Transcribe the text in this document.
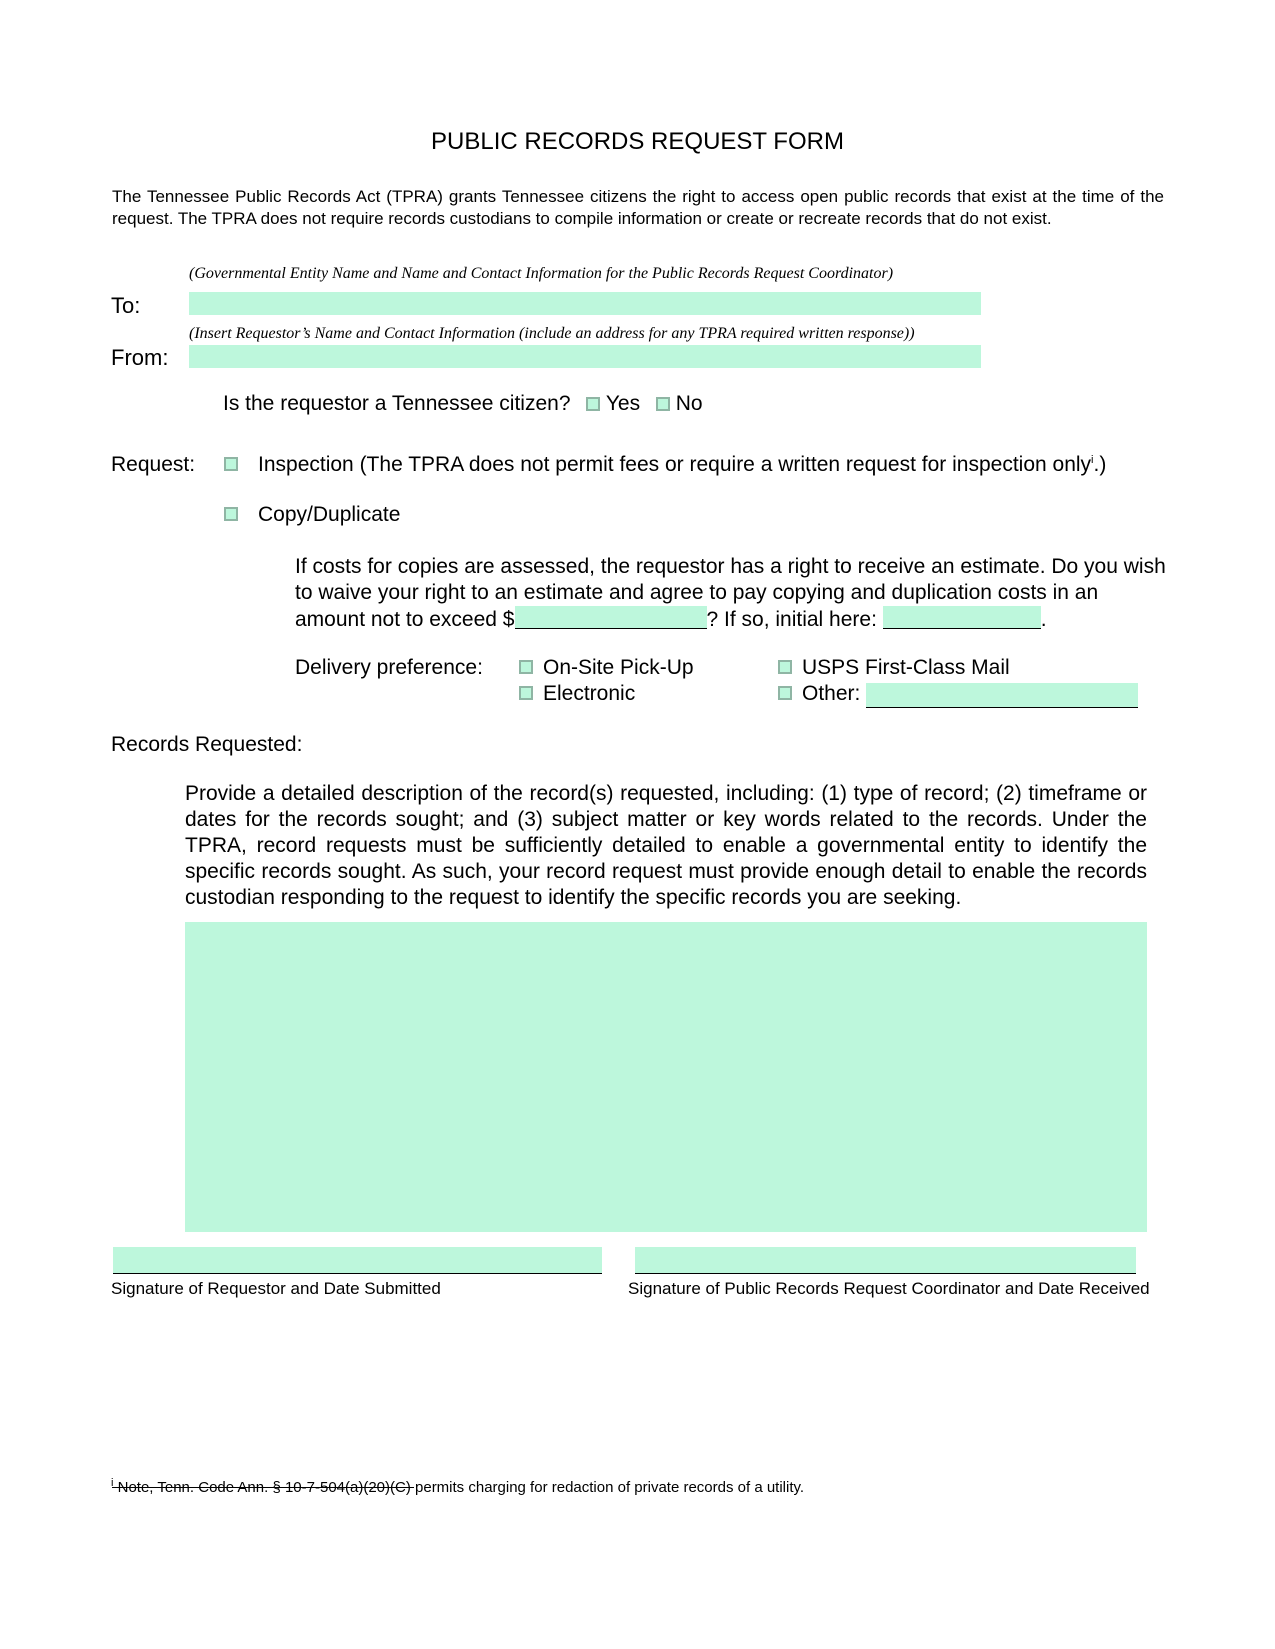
PUBLIC RECORDS REQUEST FORM
The Tennessee Public Records Act (TPRA) grants Tennessee citizens the right to access open public records that exist at the time of the request. The TPRA does not require records custodians to compile information or create or recreate records that do not exist.
(Governmental Entity Name and Name and Contact Information for the Public Records Request Coordinator)
To:
(Insert Requestor’s Name and Contact Information (include an address for any TPRA required written response))
From:
Is the requestor a Tennessee citizen? Yes No
Request:	Inspection (The TPRA does not permit fees or require a written request for inspection only$^i$.)
Copy/Duplicate
If costs for copies are assessed, the requestor has a right to receive an estimate. Do you wish
to waive your right to an estimate and agree to pay copying and duplication costs in an
amount not to exceed $	? If so, initial here:	.
Delivery preference:	On-Site Pick-Up	USPS First-Class Mail
Electronic	Other:
Records Requested:
Provide a detailed description of the record(s) requested, including: (1) type of record; (2) timeframe or dates for the records sought; and (3) subject matter or key words related to the records. Under the TPRA, record requests must be sufficiently detailed to enable a governmental entity to identify the specific records sought. As such, your record request must provide enough detail to enable the records custodian responding to the request to identify the specific records you are seeking.
Signature of Requestor and Date Submitted	Signature of Public Records Request Coordinator and Date Received
$^i$ Note, Tenn. Code Ann. § 10-7-504(a)(20)(C) permits charging for redaction of private records of a utility.
